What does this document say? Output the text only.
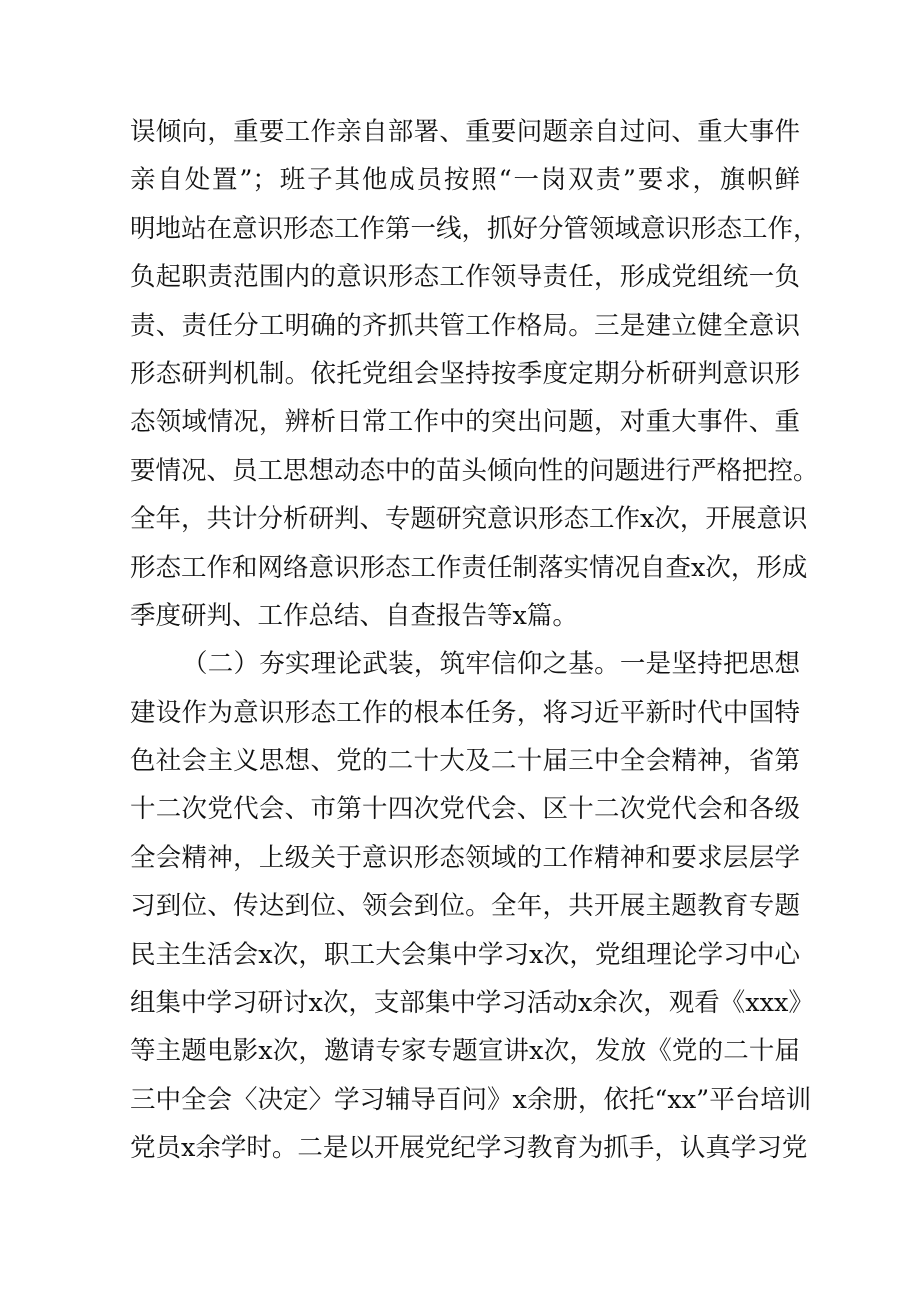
误倾向，重要工作亲自部署、重要问题亲自过问、重大事件
亲自处置”；班子其他成员按照“一岗双责”要求，旗帜鲜
明地站在意识形态工作第一线，抓好分管领域意识形态工作，
负起职责范围内的意识形态工作领导责任，形成党组统一负
责、责任分工明确的齐抓共管工作格局。三是建立健全意识
形态研判机制。依托党组会坚持按季度定期分析研判意识形
态领域情况，辨析日常工作中的突出问题，对重大事件、重
要情况、员工思想动态中的苗头倾向性的问题进行严格把控。
全年，共计分析研判、专题研究意识形态工作x次，开展意识
形态工作和网络意识形态工作责任制落实情况自查x次，形成
季度研判、工作总结、自查报告等x篇。
（二）夯实理论武装，筑牢信仰之基。一是坚持把思想
建设作为意识形态工作的根本任务，将习近平新时代中国特
色社会主义思想、党的二十大及二十届三中全会精神，省第
十二次党代会、市第十四次党代会、区十二次党代会和各级
全会精神，上级关于意识形态领域的工作精神和要求层层学
习到位、传达到位、领会到位。全年，共开展主题教育专题
民主生活会x次，职工大会集中学习x次，党组理论学习中心
组集中学习研讨x次，支部集中学习活动x余次，观看《xxx》
等主题电影x次，邀请专家专题宣讲x次，发放《党的二十届
三中全会〈决定〉学习辅导百问》x余册，依托“xx”平台培训
党员x余学时。二是以开展党纪学习教育为抓手，认真学习党
